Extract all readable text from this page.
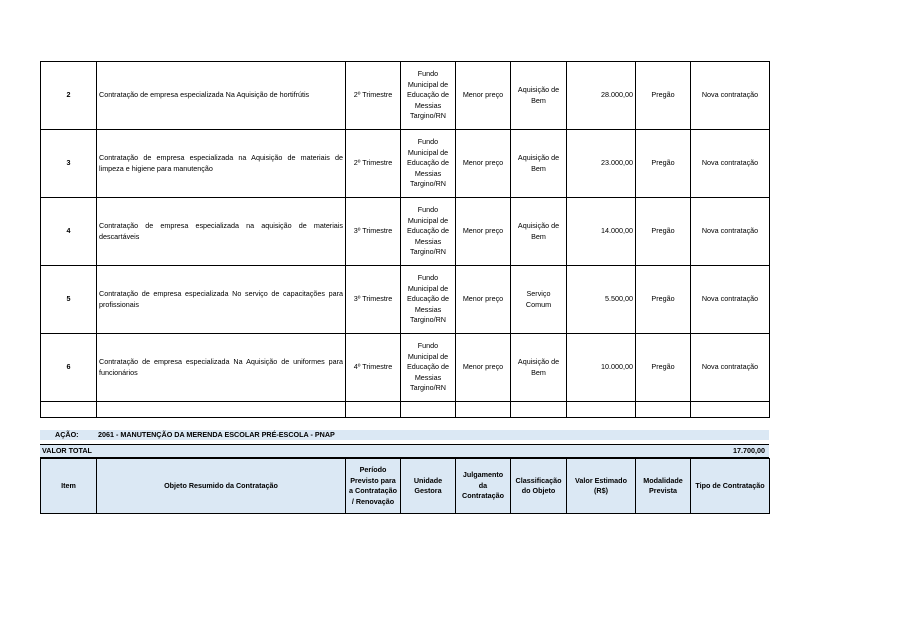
2	Contratação de empresa especializada Na Aquisição de hortifrútis	2º Trimestre	Fundo Municipal de Educação de Messias Targino/RN	Menor preço	Aquisição de Bem	28.000,00	Pregão	Nova contratação
3	Contratação de empresa especializada na Aquisição de materiais de limpeza e higiene para manutenção	2º Trimestre	Fundo Municipal de Educação de Messias Targino/RN	Menor preço	Aquisição de Bem	23.000,00	Pregão	Nova contratação
4	Contratação de empresa especializada na aquisição de materiais descartáveis	3º Trimestre	Fundo Municipal de Educação de Messias Targino/RN	Menor preço	Aquisição de Bem	14.000,00	Pregão	Nova contratação
5	Contratação de empresa especializada No serviço de capacitações para profissionais	3º Trimestre	Fundo Municipal de Educação de Messias Targino/RN	Menor preço	Serviço Comum	5.500,00	Pregão	Nova contratação
6	Contratação de empresa especializada Na Aquisição de uniformes para funcionários	4º Trimestre	Fundo Municipal de Educação de Messias Targino/RN	Menor preço	Aquisição de Bem	10.000,00	Pregão	Nova contratação

AÇÃO:	2061 - MANUTENÇÃO DA MERENDA ESCOLAR PRÉ-ESCOLA - PNAP
VALOR TOTAL	17.700,00
Item	Objeto Resumido da Contratação	Período Previsto para a Contratação / Renovação	Unidade Gestora	Julgamento da Contratação	Classificação do Objeto	Valor Estimado (R$)	Modalidade Prevista	Tipo de Contratação
